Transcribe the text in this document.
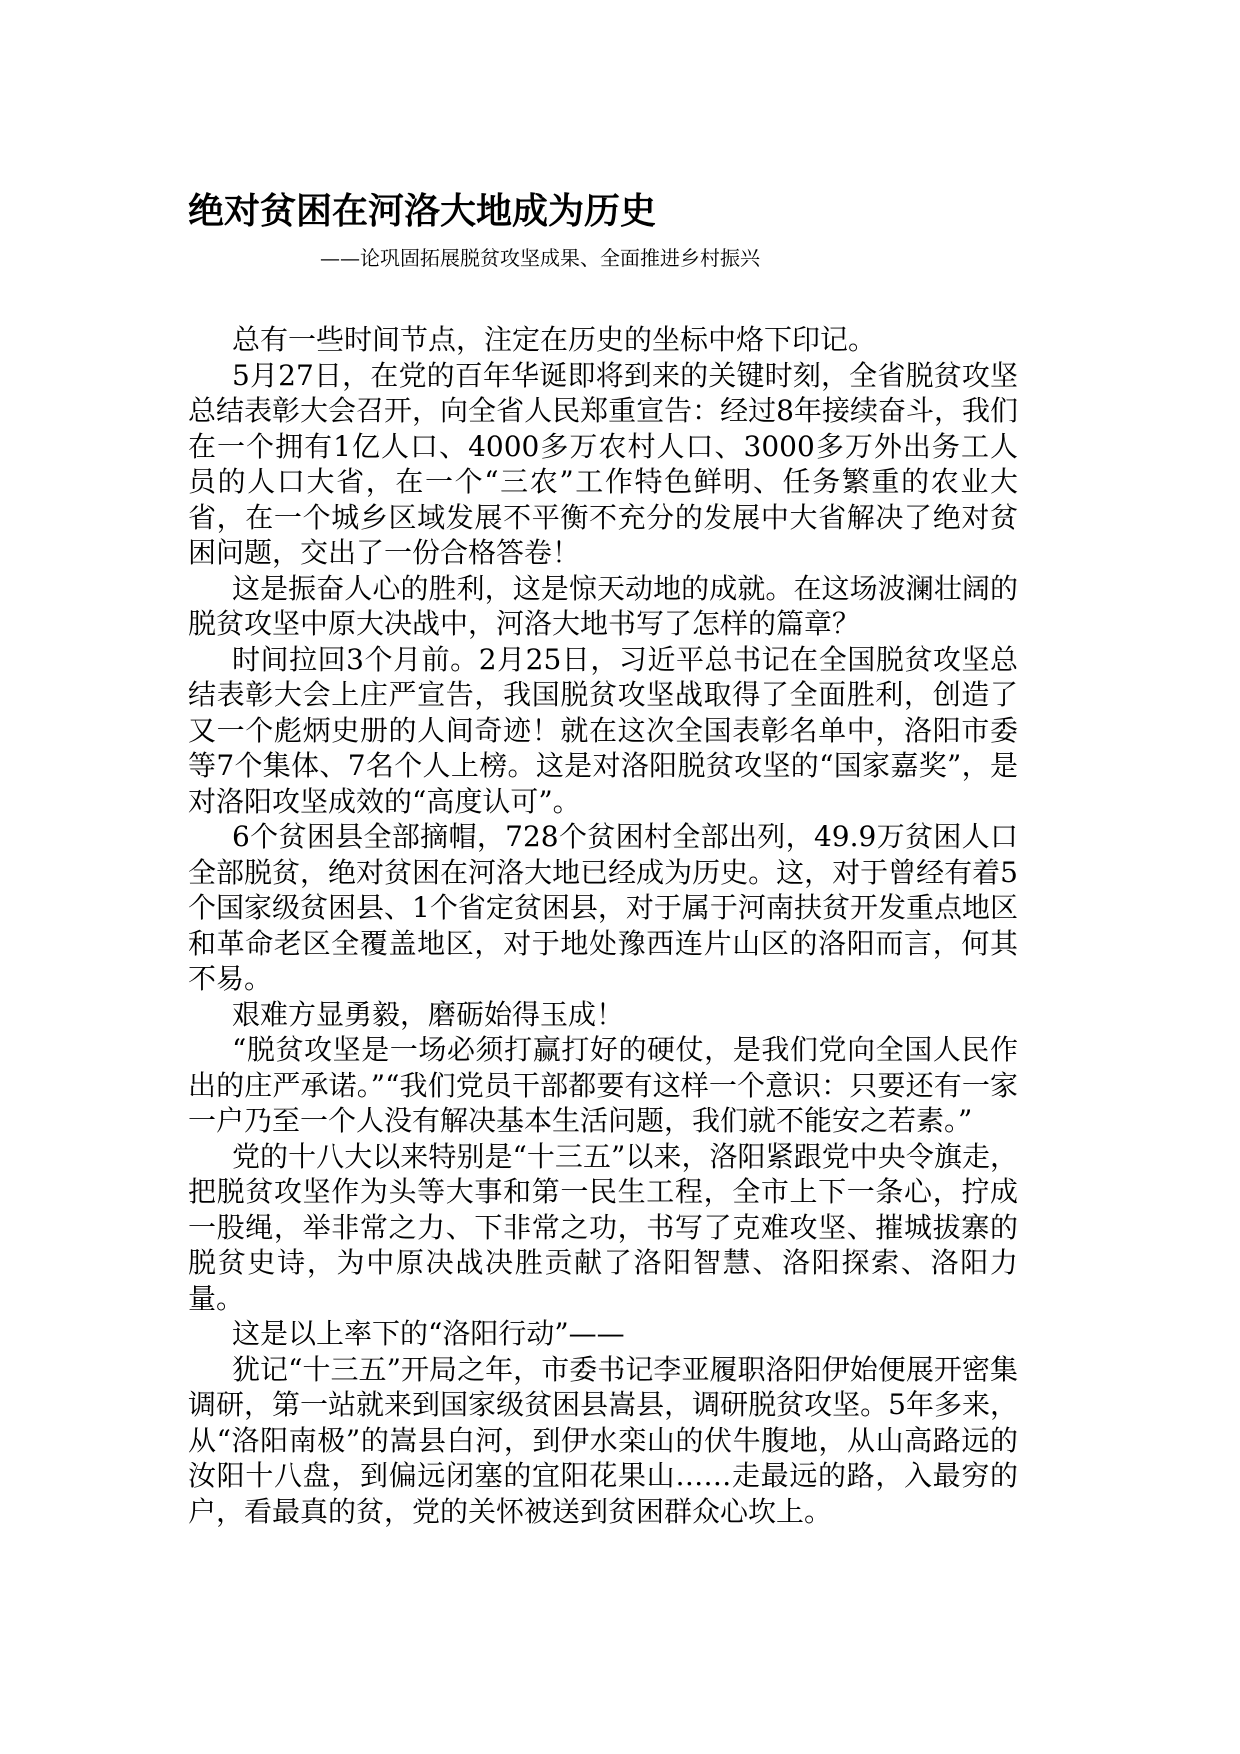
绝对贫困在河洛大地成为历史
——论巩固拓展脱贫攻坚成果、全面推进乡村振兴

总有一些时间节点，注定在历史的坐标中烙下印记。

5月27日，在党的百年华诞即将到来的关键时刻，全省脱贫攻坚总结表彰大会召开，向全省人民郑重宣告：经过8年接续奋斗，我们在一个拥有1亿人口、4000多万农村人口、3000多万外出务工人员的人口大省，在一个“三农”工作特色鲜明、任务繁重的农业大省，在一个城乡区域发展不平衡不充分的发展中大省解决了绝对贫困问题，交出了一份合格答卷！

这是振奋人心的胜利，这是惊天动地的成就。在这场波澜壮阔的脱贫攻坚中原大决战中，河洛大地书写了怎样的篇章？

时间拉回3个月前。2月25日，习近平总书记在全国脱贫攻坚总结表彰大会上庄严宣告，我国脱贫攻坚战取得了全面胜利，创造了又一个彪炳史册的人间奇迹！就在这次全国表彰名单中，洛阳市委等7个集体、7名个人上榜。这是对洛阳脱贫攻坚的“国家嘉奖”，是对洛阳攻坚成效的“高度认可”。

6个贫困县全部摘帽，728个贫困村全部出列，49.9万贫困人口全部脱贫，绝对贫困在河洛大地已经成为历史。这，对于曾经有着5个国家级贫困县、1个省定贫困县，对于属于河南扶贫开发重点地区和革命老区全覆盖地区，对于地处豫西连片山区的洛阳而言，何其不易。

艰难方显勇毅，磨砺始得玉成！

“脱贫攻坚是一场必须打赢打好的硬仗，是我们党向全国人民作出的庄严承诺。”“我们党员干部都要有这样一个意识：只要还有一家一户乃至一个人没有解决基本生活问题，我们就不能安之若素。”

党的十八大以来特别是“十三五”以来，洛阳紧跟党中央令旗走，把脱贫攻坚作为头等大事和第一民生工程，全市上下一条心，拧成一股绳，举非常之力、下非常之功，书写了克难攻坚、摧城拔寨的脱贫史诗，为中原决战决胜贡献了洛阳智慧、洛阳探索、洛阳力量。

这是以上率下的“洛阳行动”——

犹记“十三五”开局之年，市委书记李亚履职洛阳伊始便展开密集调研，第一站就来到国家级贫困县嵩县，调研脱贫攻坚。5年多来，从“洛阳南极”的嵩县白河，到伊水栾山的伏牛腹地，从山高路远的汝阳十八盘，到偏远闭塞的宜阳花果山……走最远的路，入最穷的户，看最真的贫，党的关怀被送到贫困群众心坎上。
